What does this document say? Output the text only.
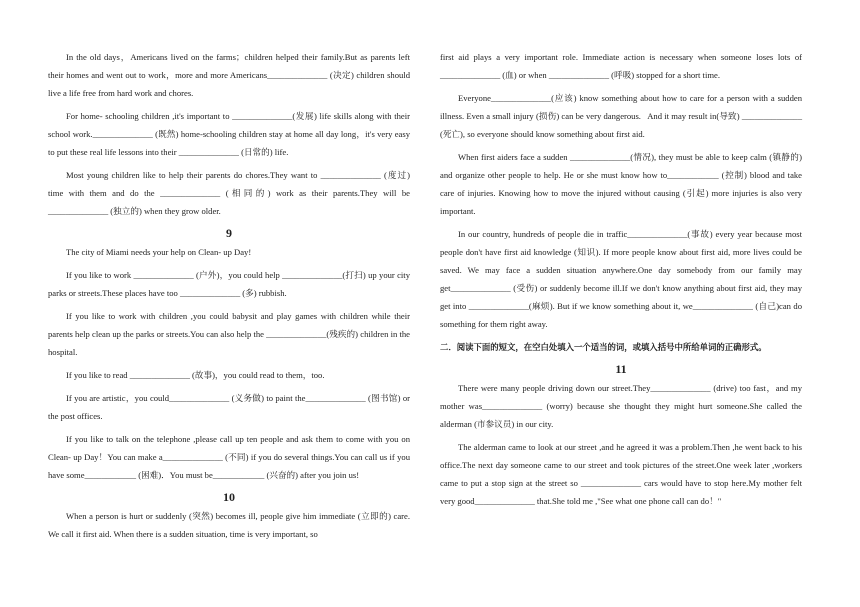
In the old days，Americans lived on the farms；children helped their family.But as parents left their homes and went out to work，more and more Americans______________ (决定) children should live a life free from hard work and chores.

For home- schooling children ,it's important to ______________(发展) life skills along with their school work.______________ (既然) home-schooling children stay at home all day long，it's very easy to put these real life lessons into their ______________ (日常的) life.

Most young children like to help their parents do chores.They want to ______________ (度过) time with them and do the ______________ (相同的) work as their parents.They will be ______________ (独立的) when they grow older.

9

The city of Miami needs your help on Clean- up Day!

If you like to work ______________ (户外)，you could help ______________(打扫) up your city parks or streets.These places have too ______________ (多) rubbish.

If you like to work with children ,you could babysit and play games with children while their parents help clean up the parks or streets.You can also help the ______________(残疾的) children in the hospital.

If you like to read ______________ (故事)，you could read to them，too.

If you are artistic，you could______________ (义务做) to paint the______________ (图书馆) or the post offices.

If you like to talk on the telephone ,please call up ten people and ask them to come with you on Clean- up Day！You can make a______________ (不同) if you do several things.You can call us if you have some____________ (困难)．You must be____________ (兴奋的) after you join us!

10

When a person is hurt or suddenly (突然) becomes ill, people give him immediate (立即的) care. We call it first aid. When there is a sudden situation, time is very important, so

first aid plays a very important role. Immediate action is necessary when someone loses lots of ______________ (血) or when ______________ (呼吸) stopped for a short time.

Everyone______________(应该) know something about how to care for a person with a sudden illness. Even a small injury (损伤) can be very dangerous.   And it may result in(导致) ______________ (死亡), so everyone should know something about first aid.

When first aiders face a sudden ______________(情况), they must be able to keep calm (镇静的) and organize other people to help. He or she must know how to____________ (控制) blood and take care of injuries. Knowing how to move the injured without causing (引起) more injuries is also very important.

In our country, hundreds of people die in traffic______________(事故) every year because most people don't have first aid knowledge (知识). If more people know about first aid, more lives could be saved. We may face a sudden situation anywhere.One day somebody from our family may get______________ (受伤) or suddenly become ill.If we don't know anything about first aid, they may get into ______________(麻烦). But if we know something about it, we______________ (自己)can do something for them right away.

二．阅读下面的短文，在空白处填入一个适当的词，或填入括号中所给单词的正确形式。

11

There were many people driving down our street.They______________ (drive) too fast，and my mother was______________ (worry) because she thought they might hurt someone.She called the alderman (市参议员) in our city.

The alderman came to look at our street ,and he agreed it was a problem.Then ,he went back to his office.The next day someone came to our street and took pictures of the street.One week later ,workers came to put a stop sign at the street so ______________ cars would have to stop here.My mother felt very good______________ that.She told me ,"See what one phone call can do！"
